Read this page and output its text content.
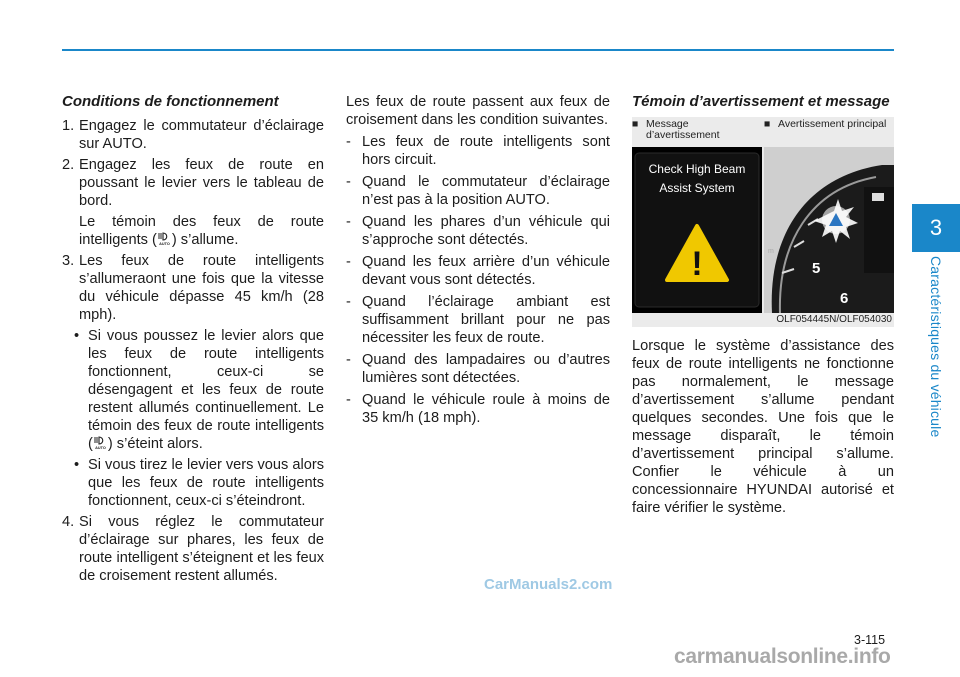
3
Caractéristiques du véhicule
Conditions de fonctionnement
1. Engagez le commutateur d’éclairage sur AUTO.
2. Engagez les feux de route en poussant le levier vers le tableau de bord.
Le témoin des feux de route intelligents ( AUTO ) s’allume.
3. Les feux de route intelligents s’allumeraont une fois que la vitesse du véhicule dépasse 45 km/h (28 mph).
• Si vous poussez le levier alors que les feux de route intelligents fonctionnent, ceux-ci se désengagent et les feux de route restent allumés continuellement. Le témoin des feux de route intelligents ( AUTO ) s’éteint alors.
• Si vous tirez le levier vers vous alors que les feux de route intelligents fonctionnent, ceux-ci s’éteindront.
4. Si vous réglez le commutateur d’éclairage sur phares, les feux de route intelligent s’éteignent et les feux de croisement restent allumés.

Les feux de route passent aux feux de croisement dans les condition suivantes.

- Les feux de route intelligents sont hors circuit.
- Quand le commutateur d’éclairage n’est pas à la position AUTO.
- Quand les phares d’un véhicule qui s’approche sont détectés.
- Quand les feux arrière d’un véhicule devant vous sont détectés.
- Quand l’éclairage ambiant est suffisamment brillant pour ne pas nécessiter les feux de route.
- Quand des lampadaires ou d’autres lumières sont détectées.
- Quand le véhicule roule à moins de 35 km/h (18 mph).
Témoin d’avertissement et message
■ Message d’avertissement
■ Avertissement principal
Check High Beam
Assist System
!	m
5
6
OLF054445N/OLF054030

Lorsque le système d’assistance des feux de route intelligents ne fonctionne pas normalement, le message d’avertissement s’allume pendant quelques secondes. Une fois que le message disparaît, le témoin d’avertissement principal s’allume. Confier le véhicule à un concessionnaire HYUNDAI autorisé et faire vérifier le système.

CarManuals2.com
3-115
carmanualsonline.info
